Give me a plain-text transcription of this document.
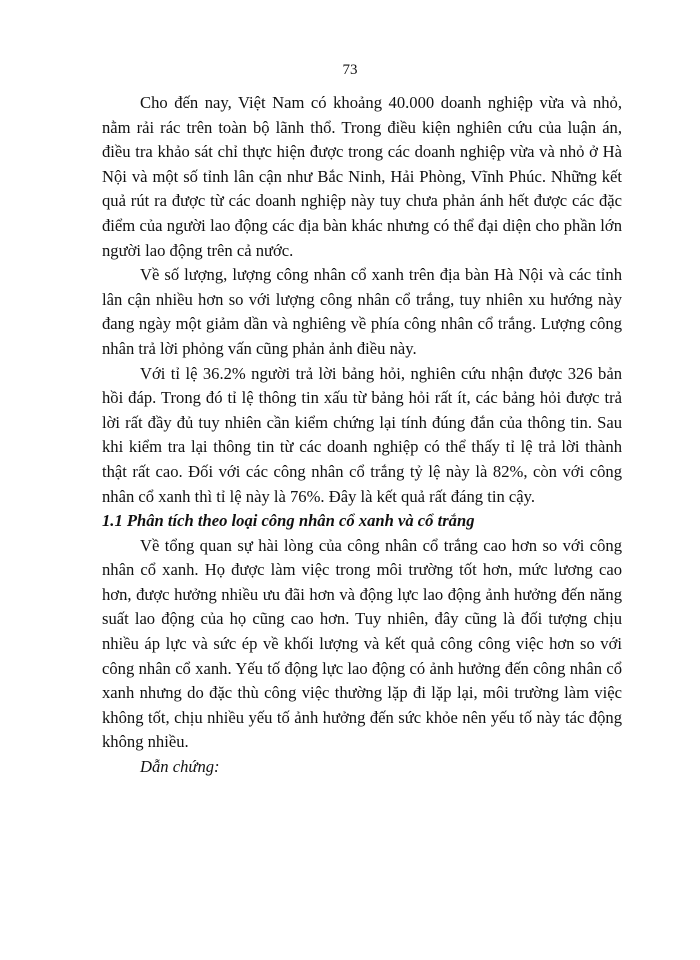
73

Cho đến nay, Việt Nam có khoảng 40.000 doanh nghiệp vừa và nhỏ, nằm rải rác trên toàn bộ lãnh thổ. Trong điều kiện nghiên cứu của luận án, điều tra khảo sát chỉ thực hiện được trong các doanh nghiệp vừa và nhỏ ở Hà Nội và một số tỉnh lân cận như Bắc Ninh, Hải Phòng, Vĩnh Phúc. Những kết quả rút ra được từ các doanh nghiệp này tuy chưa phản ánh hết được các đặc điểm của người lao động các địa bàn khác nhưng có thể đại diện cho phần lớn người lao động trên cả nước.

Về số lượng, lượng công nhân cổ xanh trên địa bàn Hà Nội và các tỉnh lân cận nhiều hơn so với lượng công nhân cổ trắng, tuy nhiên xu hướng này đang ngày một giảm dần và nghiêng về phía công nhân cổ trắng. Lượng công nhân trả lời phỏng vấn cũng phản ảnh điều này.

Với tỉ lệ 36.2% người trả lời bảng hỏi, nghiên cứu nhận được 326 bản hồi đáp. Trong đó tỉ lệ thông tin xấu từ bảng hỏi rất ít, các bảng hỏi được trả lời rất đầy đủ tuy nhiên cần kiểm chứng lại tính đúng đắn của thông tin. Sau khi kiểm tra lại thông tin từ các doanh nghiệp có thể thấy tỉ lệ trả lời thành thật rất cao. Đối với các công nhân cổ trắng tỷ lệ này là 82%, còn với công nhân cổ xanh thì tỉ lệ này là 76%. Đây là kết quả rất đáng tin cậy.

1.1 Phân tích theo loại công nhân cổ xanh và cổ trắng

Về tổng quan sự hài lòng của công nhân cổ trắng cao hơn so với công nhân cổ xanh. Họ được làm việc trong môi trường tốt hơn, mức lương cao hơn, được hưởng nhiều ưu đãi hơn và động lực lao động ảnh hưởng đến năng suất lao động của họ cũng cao hơn. Tuy nhiên, đây cũng là đối tượng chịu nhiều áp lực và sức ép về khối lượng và kết quả công công việc hơn so với công nhân cổ xanh. Yếu tố động lực lao động có ảnh hưởng đến công nhân cổ xanh nhưng do đặc thù công việc thường lặp đi lặp lại, môi trường làm việc không tốt, chịu nhiều yếu tố ảnh hưởng đến sức khỏe nên yếu tố này tác động không nhiều.

Dẫn chứng:
